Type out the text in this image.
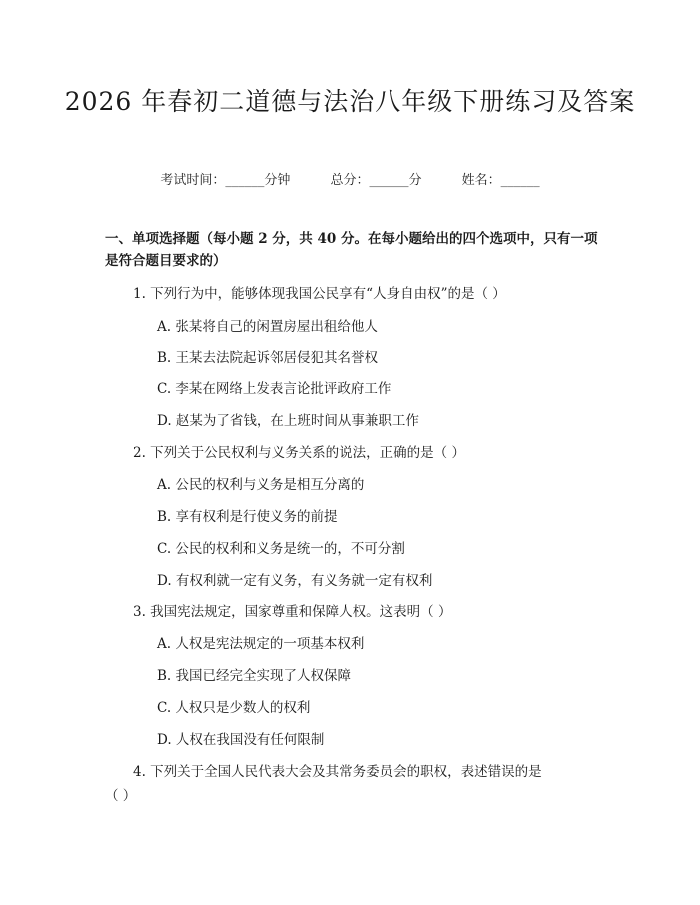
2026 年春初二道德与法治八年级下册练习及答案
考试时间：______分钟	总分：______分	姓名：______
一、单项选择题（每小题 2 分，共 40 分。在每小题给出的四个选项中，只有一项是符合题目要求的）
1. 下列行为中，能够体现我国公民享有“人身自由权”的是（ ）
A. 张某将自己的闲置房屋出租给他人
B. 王某去法院起诉邻居侵犯其名誉权
C. 李某在网络上发表言论批评政府工作
D. 赵某为了省钱，在上班时间从事兼职工作
2. 下列关于公民权利与义务关系的说法，正确的是（ ）
A. 公民的权利与义务是相互分离的
B. 享有权利是行使义务的前提
C. 公民的权利和义务是统一的，不可分割
D. 有权利就一定有义务，有义务就一定有权利
3. 我国宪法规定，国家尊重和保障人权。这表明（ ）
A. 人权是宪法规定的一项基本权利
B. 我国已经完全实现了人权保障
C. 人权只是少数人的权利
D. 人权在我国没有任何限制
4. 下列关于全国人民代表大会及其常务委员会的职权，表述错误的是
（ ）
